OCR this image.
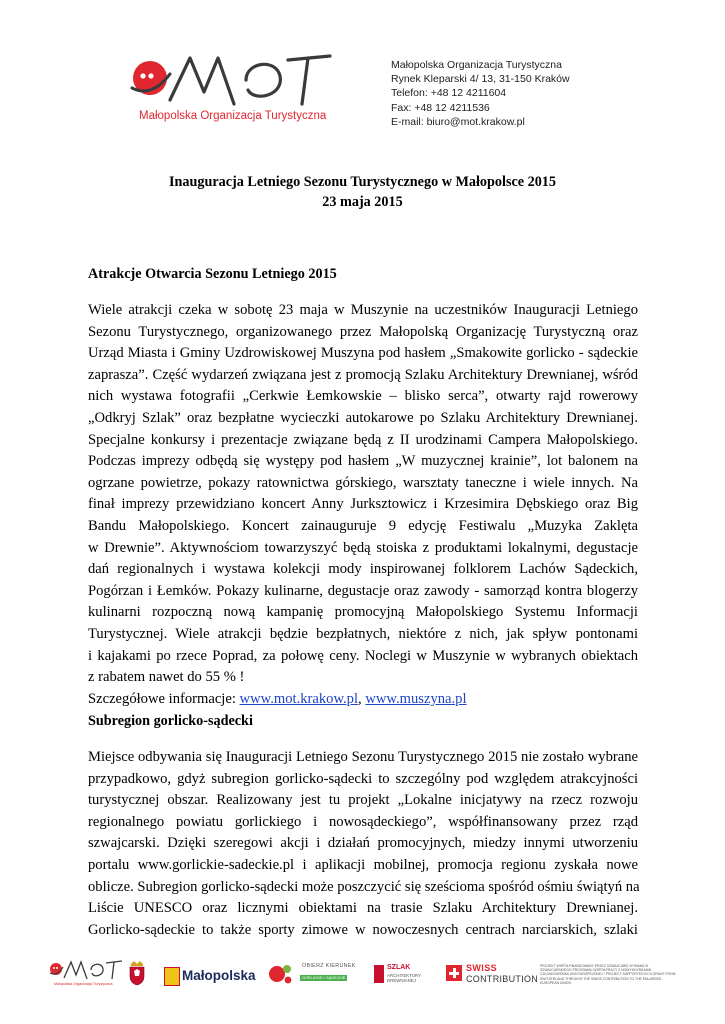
Małopolska Organizacja Turystyczna
Małopolska Organizacja Turystyczna
Rynek Kleparski 4/ 13, 31-150 Kraków
Telefon: +48 12 4211604
Fax: +48 12 4211536
E-mail: biuro@mot.krakow.pl
Inauguracja Letniego Sezonu Turystycznego w Małopolsce 2015
23 maja 2015
Atrakcje Otwarcia Sezonu Letniego 2015
Wiele atrakcji czeka w sobotę 23 maja w Muszynie na uczestników Inauguracji Letniego
Sezonu Turystycznego, organizowanego przez Małopolską Organizację Turystyczną oraz
Urząd Miasta i Gminy Uzdrowiskowej Muszyna pod hasłem „Smakowite gorlicko - sądeckie
zaprasza”. Część wydarzeń związana jest z promocją Szlaku Architektury Drewnianej, wśród
nich wystawa fotografii „Cerkwie Łemkowskie – blisko serca”, otwarty rajd rowerowy
„Odkryj Szlak” oraz bezpłatne wycieczki autokarowe po Szlaku Architektury Drewnianej.
Specjalne konkursy i prezentacje związane będą z II urodzinami Campera Małopolskiego.
Podczas imprezy odbędą się występy pod hasłem „W muzycznej krainie”, lot balonem na
ogrzane powietrze, pokazy ratownictwa górskiego, warsztaty taneczne i wiele innych. Na
finał imprezy przewidziano koncert Anny Jurksztowicz i Krzesimira Dębskiego oraz Big
Bandu Małopolskiego. Koncert zainauguruje 9 edycję Festiwalu „Muzyka Zaklęta
w Drewnie”. Aktywnościom towarzyszyć będą stoiska z produktami lokalnymi, degustacje
dań regionalnych i wystawa kolekcji mody inspirowanej folklorem Lachów Sądeckich,
Pogórzan i Łemków. Pokazy kulinarne, degustacje oraz zawody - samorząd kontra blogerzy
kulinarni rozpoczną nową kampanię promocyjną Małopolskiego Systemu Informacji
Turystycznej. Wiele atrakcji będzie bezpłatnych, niektóre z nich, jak spływ pontonami
i kajakami po rzece Poprad, za połowę ceny. Noclegi w Muszynie w wybranych obiektach
z rabatem nawet do 55 % !
Szczegółowe informacje: www.mot.krakow.pl, www.muszyna.pl
Subregion gorlicko-sądecki
Miejsce odbywania się Inauguracji Letniego Sezonu Turystycznego 2015 nie zostało wybrane
przypadkowo, gdyż subregion gorlicko-sądecki to szczególny pod względem atrakcyjności
turystycznej obszar. Realizowany jest tu projekt „Lokalne inicjatywy na rzecz rozwoju
regionalnego powiatu gorlickiego i nowosądeckiego”, współfinansowany przez rząd
szwajcarski. Dzięki szeregowi akcji i działań promocyjnych, miedzy innymi utworzeniu
portalu www.gorlickie-sadeckie.pl i aplikacji mobilnej, promocja regionu zyskała nowe
oblicze. Subregion gorlicko-sądecki może poszczycić się sześcioma spośród ośmiu świątyń na
Liście UNESCO oraz licznymi obiektami na trasie Szlaku Architektury Drewnianej.
Gorlicko-sądeckie to także sporty zimowe w nowoczesnych centrach narciarskich, szlaki
Małopolska Organizacja Turystyczna
Małopolska
OBIERZ KIERUNEK
GORLICKIE • SĄDECKIE
SZLAK
ARCHITEKTURY
DREWNIANEJ
SWISS
CONTRIBUTION
PROJEKT WSPÓŁFINANSOWANY PRZEZ SZWAJCARIĘ W RAMACH SZWAJCARSKIEGO PROGRAMU WSPÓŁPRACY Z NOWYMI KRAJAMI CZŁONKOWSKIMI UNII EUROPEJSKIEJ / PROJECT SUPPORTED BY A GRANT FROM SWITZERLAND THROUGH THE SWISS CONTRIBUTION TO THE ENLARGED EUROPEAN UNION
